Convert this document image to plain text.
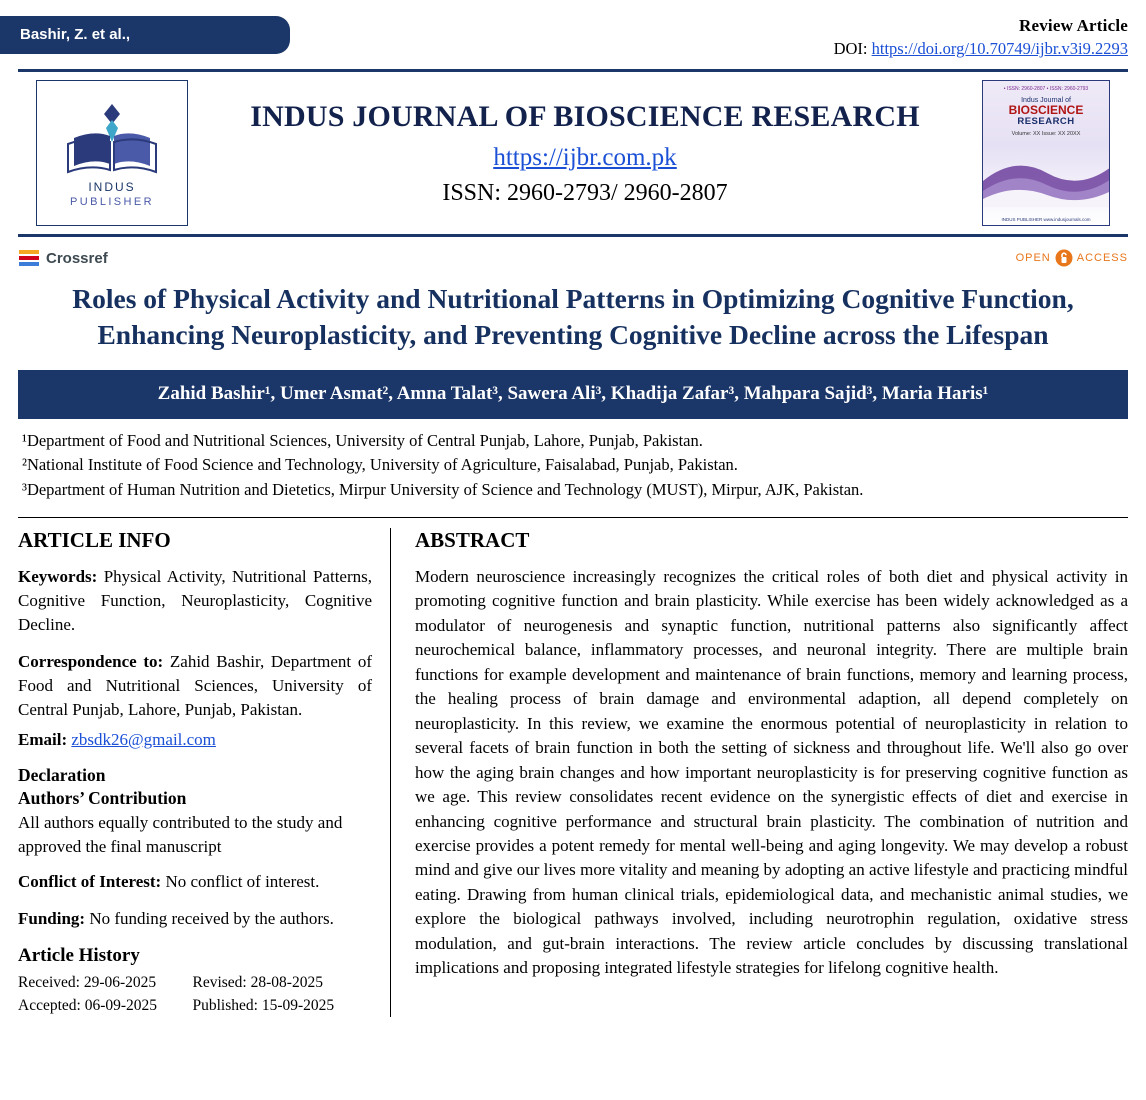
Bashir, Z. et al.,	Review Article
DOI: https://doi.org/10.70749/ijbr.v3i9.2293
INDUS
PUBLISHER
INDUS JOURNAL OF BIOSCIENCE RESEARCH
https://ijbr.com.pk
ISSN: 2960-2793/ 2960-2807
• ISSN: 2960-2807 • ISSN: 2960-2793
Indus Journal of
BIOSCIENCE
RESEARCH
Volume: XX Issue: XX 20XX
INDUS PUBLISHER www.indusjournals.com
Crossref	OPEN ACCESS
Roles of Physical Activity and Nutritional Patterns in Optimizing Cognitive Function, Enhancing Neuroplasticity, and Preventing Cognitive Decline across the Lifespan
Zahid Bashir¹, Umer Asmat², Amna Talat³, Sawera Ali³, Khadija Zafar³, Mahpara Sajid³, Maria Haris¹
¹Department of Food and Nutritional Sciences, University of Central Punjab, Lahore, Punjab, Pakistan.
²National Institute of Food Science and Technology, University of Agriculture, Faisalabad, Punjab, Pakistan.
³Department of Human Nutrition and Dietetics, Mirpur University of Science and Technology (MUST), Mirpur, AJK, Pakistan.
ARTICLE INFO
Keywords: Physical Activity, Nutritional Patterns, Cognitive Function, Neuroplasticity, Cognitive Decline.
Correspondence to: Zahid Bashir, Department of Food and Nutritional Sciences, University of Central Punjab, Lahore, Punjab, Pakistan.
Email: zbsdk26@gmail.com
Declaration
Authors’ Contribution
All authors equally contributed to the study and approved the final manuscript
Conflict of Interest: No conflict of interest.
Funding: No funding received by the authors.
Article History
Received: 29-06-2025	Revised: 28-08-2025
Accepted: 06-09-2025	Published: 15-09-2025
ABSTRACT
Modern neuroscience increasingly recognizes the critical roles of both diet and physical activity in promoting cognitive function and brain plasticity. While exercise has been widely acknowledged as a modulator of neurogenesis and synaptic function, nutritional patterns also significantly affect neurochemical balance, inflammatory processes, and neuronal integrity. There are multiple brain functions for example development and maintenance of brain functions, memory and learning process, the healing process of brain damage and environmental adaption, all depend completely on neuroplasticity. In this review, we examine the enormous potential of neuroplasticity in relation to several facets of brain function in both the setting of sickness and throughout life. We'll also go over how the aging brain changes and how important neuroplasticity is for preserving cognitive function as we age. This review consolidates recent evidence on the synergistic effects of diet and exercise in enhancing cognitive performance and structural brain plasticity. The combination of nutrition and exercise provides a potent remedy for mental well-being and aging longevity. We may develop a robust mind and give our lives more vitality and meaning by adopting an active lifestyle and practicing mindful eating. Drawing from human clinical trials, epidemiological data, and mechanistic animal studies, we explore the biological pathways involved, including neurotrophin regulation, oxidative stress modulation, and gut-brain interactions. The review article concludes by discussing translational implications and proposing integrated lifestyle strategies for lifelong cognitive health.
